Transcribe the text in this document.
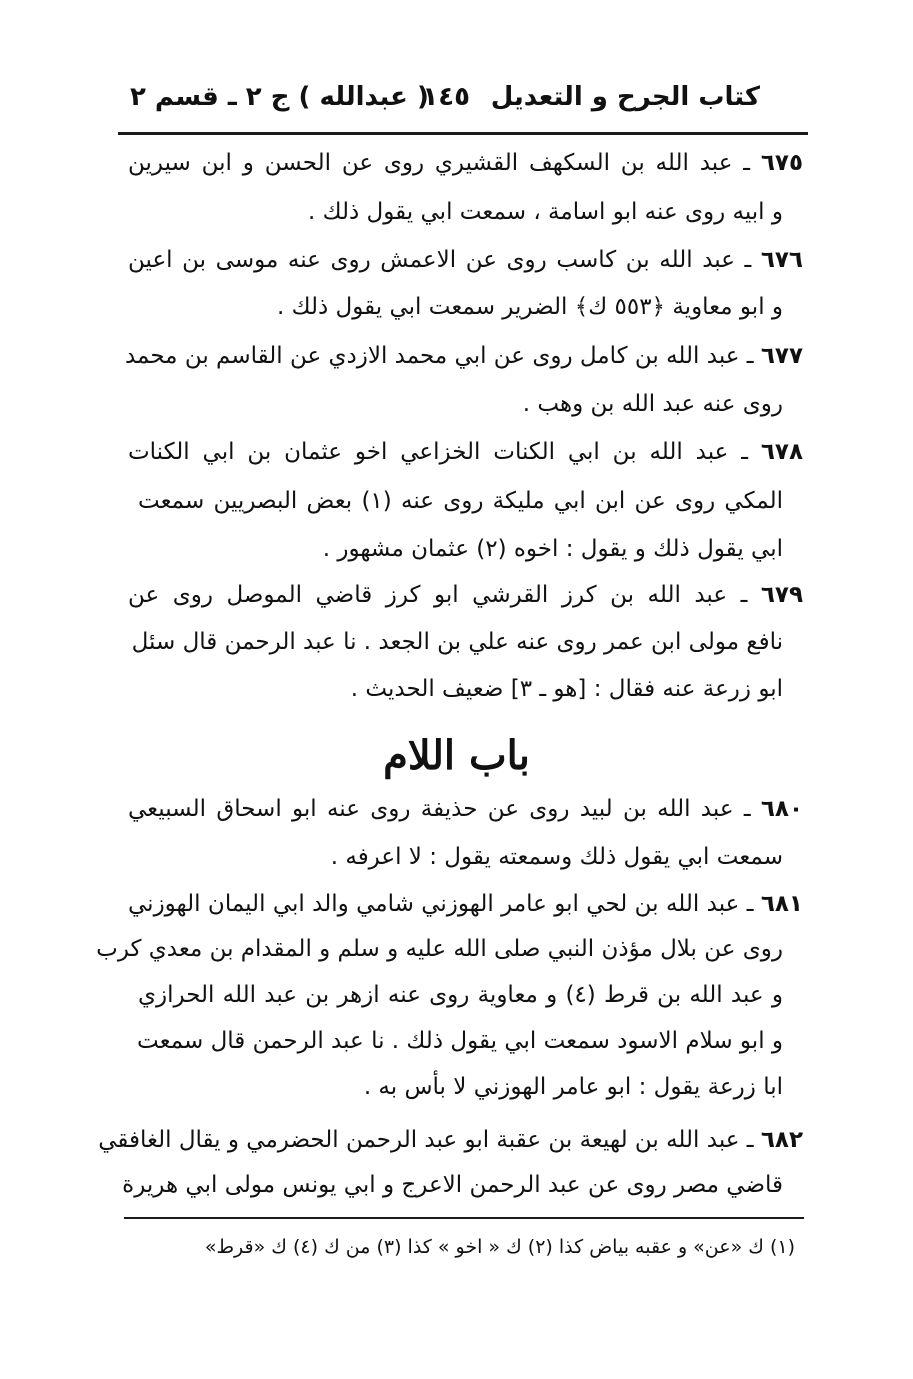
كتاب الجرح و التعديل
١٤٥
( عبدالله ) ج ٢ ـ قسم ٢
٦٧٥ ـ عبد الله بن السكهف القشيري روى عن الحسن و ابن سيرين
و ابيه روى عنه ابو اسامة ، سمعت ابي يقول ذلك .
٦٧٦ ـ عبد الله بن كاسب روى عن الاعمش روى عنه موسى بن اعين
و ابو معاوية ﴿٥٥٣ ك﴾ الضرير سمعت ابي يقول ذلك .
٦٧٧ ـ عبد الله بن كامل روى عن ابي محمد الازدي عن القاسم بن محمد
روى عنه عبد الله بن وهب .
٦٧٨ ـ عبد الله بن ابي الكنات الخزاعي اخو عثمان بن ابي الكنات
المكي روى عن ابن ابي مليكة روى عنه (١) بعض البصريين سمعت
ابي يقول ذلك و يقول : اخوه (٢) عثمان مشهور .
٦٧٩ ـ عبد الله بن كرز القرشي ابو كرز قاضي الموصل روى عن
نافع مولى ابن عمر روى عنه علي بن الجعد . نا عبد الرحمن قال سئل
ابو زرعة عنه فقال : [هو ـ ٣] ضعيف الحديث .
باب اللام
٦٨٠ ـ عبد الله بن لبيد روى عن حذيفة روى عنه ابو اسحاق السبيعي
سمعت ابي يقول ذلك وسمعته يقول : لا اعرفه .
٦٨١ ـ عبد الله بن لحي ابو عامر الهوزني شامي والد ابي اليمان الهوزني
روى عن بلال مؤذن النبي صلى الله عليه و سلم و المقدام بن معدي كرب
و عبد الله بن قرط (٤) و معاوية روى عنه ازهر بن عبد الله الحرازي
و ابو سلام الاسود سمعت ابي يقول ذلك . نا عبد الرحمن قال سمعت
ابا زرعة يقول : ابو عامر الهوزني لا بأس به .
٦٨٢ ـ عبد الله بن لهيعة بن عقبة ابو عبد الرحمن الحضرمي و يقال الغافقي
قاضي مصر روى عن عبد الرحمن الاعرج و ابي يونس مولى ابي هريرة
(١) ك «عن» و عقبه بياض كذا (٢) ك « اخو » كذا (٣) من ك (٤) ك «قرط»
